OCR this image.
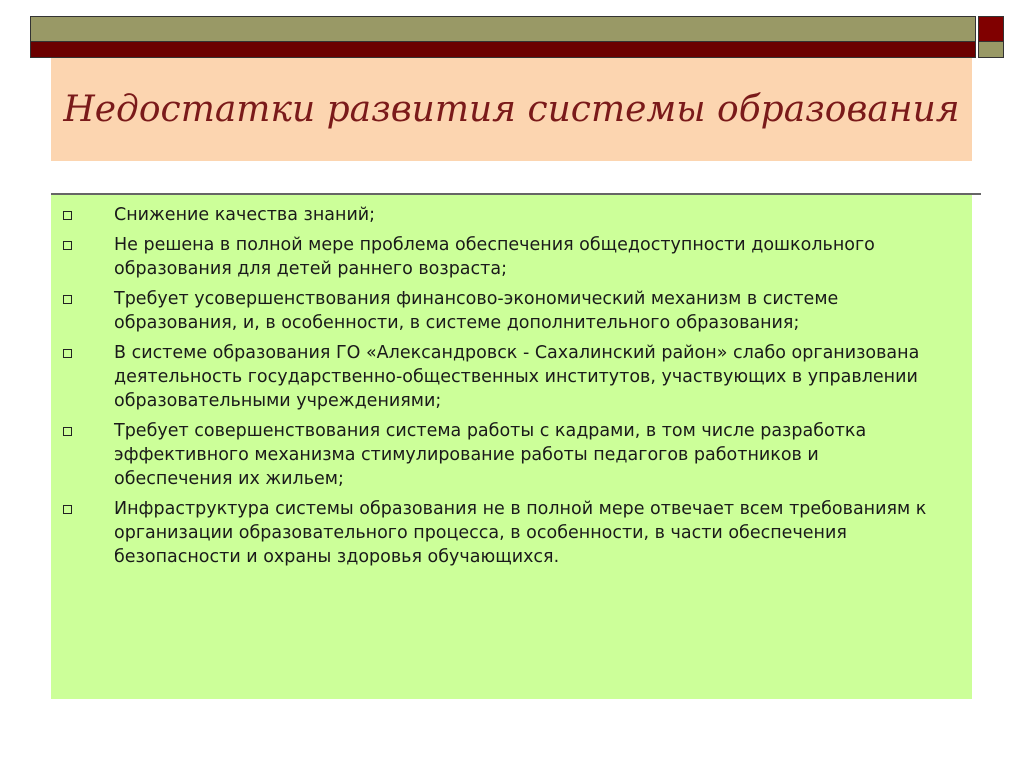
Недостатки развития системы образования
Снижение качества знаний;
Не решена в полной мере проблема обеспечения общедоступности дошкольного образования для детей раннего возраста;
Требует усовершенствования финансово-экономический механизм в системе образования, и, в особенности, в системе дополнительного образования;
В системе образования ГО «Александровск - Сахалинский район» слабо организована деятельность государственно-общественных институтов, участвующих в управлении образовательными учреждениями;
Требует совершенствования система работы с кадрами, в том числе разработка эффективного механизма стимулирование работы педагогов работников и обеспечения их жильем;
Инфраструктура системы образования не в полной мере отвечает всем требованиям к организации образовательного процесса, в особенности, в части обеспечения безопасности и охраны здоровья обучающихся.
